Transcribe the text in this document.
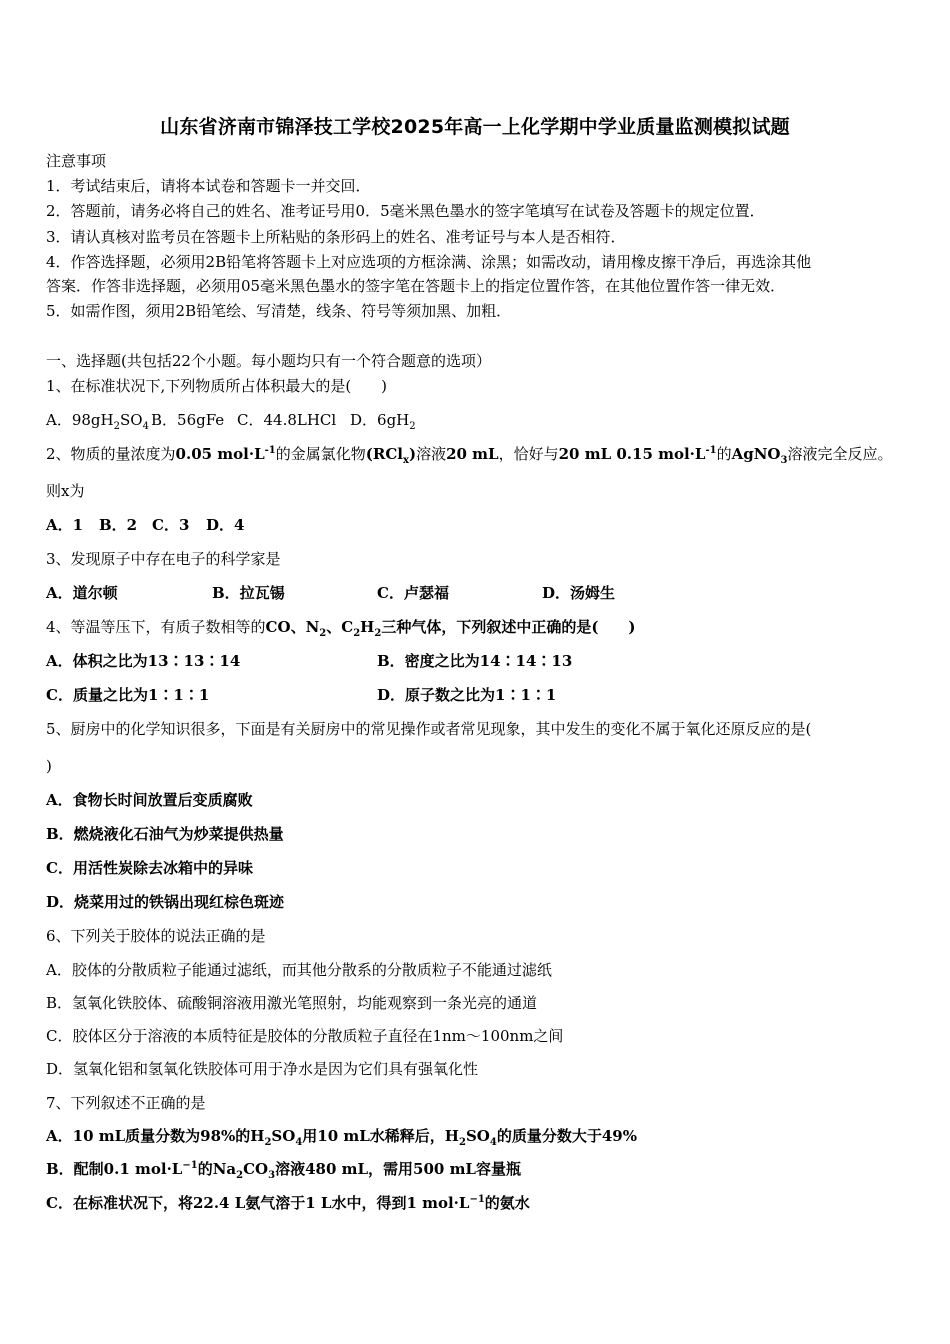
山东省济南市锦泽技工学校2025年高一上化学期中学业质量监测模拟试题
注意事项
1．考试结束后，请将本试卷和答题卡一并交回．
2．答题前，请务必将自己的姓名、准考证号用0．5毫米黑色墨水的签字笔填写在试卷及答题卡的规定位置．
3．请认真核对监考员在答题卡上所粘贴的条形码上的姓名、准考证号与本人是否相符．
4．作答选择题，必须用2B铅笔将答题卡上对应选项的方框涂满、涂黑；如需改动，请用橡皮擦干净后，再选涂其他
答案．作答非选择题，必须用05毫米黑色墨水的签字笔在答题卡上的指定位置作答，在其他位置作答一律无效．
5．如需作图，须用2B铅笔绘、写清楚，线条、符号等须加黑、加粗．
一、选择题(共包括22个小题。每小题均只有一个符合题意的选项）
1、在标准状况下,下列物质所占体积最大的是(　　)
A．$98gH_2SO_4$ B．56gFe C．44.8LHCl D．$6gH_2$
2、物质的量浓度为0.05 $mol\cdot L^{-1}$的金属氯化物(RCl$_x$)溶液20 mL，恰好与20 mL 0.15 $mol\cdot L^{-1}$的AgNO$_3$溶液完全反应。
则x为
A．1 B．2 C．3 D．4
3、发现原子中存在电子的科学家是
A．道尔顿	B．拉瓦锡	C．卢瑟福	D．汤姆生
4、等温等压下，有质子数相等的CO、$N_2$、$C_2H_2$三种气体，下列叙述中正确的是(　　)
A．体积之比为13∶13∶14	B．密度之比为14∶14∶13
C．质量之比为1∶1∶1	D．原子数之比为1∶1∶1
5、厨房中的化学知识很多，下面是有关厨房中的常见操作或者常见现象，其中发生的变化不属于氧化还原反应的是(
)
A．食物长时间放置后变质腐败
B．燃烧液化石油气为炒菜提供热量
C．用活性炭除去冰箱中的异味
D．烧菜用过的铁锅出现红棕色斑迹
6、下列关于胶体的说法正确的是
A．胶体的分散质粒子能通过滤纸，而其他分散系的分散质粒子不能通过滤纸
B．氢氧化铁胶体、硫酸铜溶液用激光笔照射，均能观察到一条光亮的通道
C．胶体区分于溶液的本质特征是胶体的分散质粒子直径在1nm～100nm之间
D．氢氧化铝和氢氧化铁胶体可用于净水是因为它们具有强氧化性
7、下列叙述不正确的是
A．10 mL质量分数为98%的$H_2SO_4$用10 mL水稀释后，$H_2SO_4$的质量分数大于49%
B．配制0.1 $mol\cdot L^{-1}$的$Na_2CO_3$溶液480 mL，需用500 mL容量瓶
C．在标准状况下，将22.4 L氨气溶于1 L水中，得到1 $mol\cdot L^{-1}$的氨水
